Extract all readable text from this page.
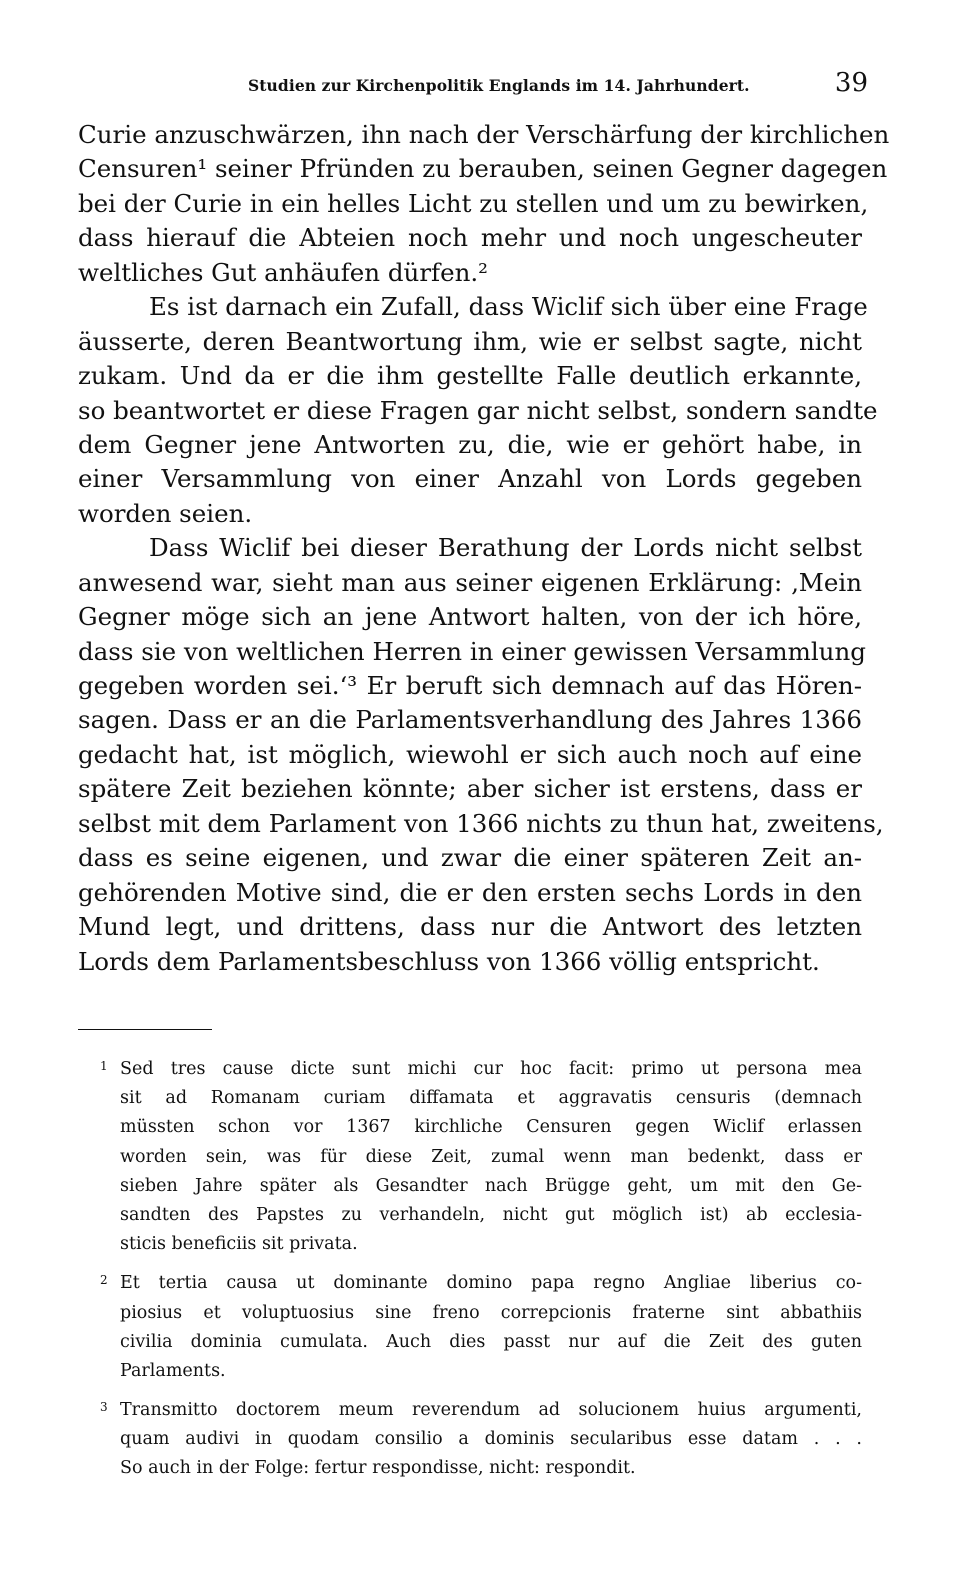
Studien zur Kirchenpolitik Englands im 14. Jahrhundert.	39
Curie anzuschwärzen, ihn nach der Verschärfung der kirchlichen
Censuren¹ seiner Pfründen zu berauben, seinen Gegner dagegen
bei der Curie in ein helles Licht zu stellen und um zu bewirken,
dass hierauf die Abteien noch mehr und noch ungescheuter
weltliches Gut anhäufen dürfen.²
Es ist darnach ein Zufall, dass Wiclif sich über eine Frage
äusserte, deren Beantwortung ihm, wie er selbst sagte, nicht
zukam. Und da er die ihm gestellte Falle deutlich erkannte,
so beantwortet er diese Fragen gar nicht selbst, sondern sandte
dem Gegner jene Antworten zu, die, wie er gehört habe, in
einer Versammlung von einer Anzahl von Lords gegeben
worden seien.
Dass Wiclif bei dieser Berathung der Lords nicht selbst
anwesend war, sieht man aus seiner eigenen Erklärung: ‚Mein
Gegner möge sich an jene Antwort halten, von der ich höre,
dass sie von weltlichen Herren in einer gewissen Versammlung
gegeben worden sei.‘³ Er beruft sich demnach auf das Hören-
sagen. Dass er an die Parlamentsverhandlung des Jahres 1366
gedacht hat, ist möglich, wiewohl er sich auch noch auf eine
spätere Zeit beziehen könnte; aber sicher ist erstens, dass er
selbst mit dem Parlament von 1366 nichts zu thun hat, zweitens,
dass es seine eigenen, und zwar die einer späteren Zeit an-
gehörenden Motive sind, die er den ersten sechs Lords in den
Mund legt, und drittens, dass nur die Antwort des letzten
Lords dem Parlamentsbeschluss von 1366 völlig entspricht.
1 Sed tres cause dicte sunt michi cur hoc facit: primo ut persona mea
sit ad Romanam curiam diffamata et aggravatis censuris (demnach
müssten schon vor 1367 kirchliche Censuren gegen Wiclif erlassen
worden sein, was für diese Zeit, zumal wenn man bedenkt, dass er
sieben Jahre später als Gesandter nach Brügge geht, um mit den Ge-
sandten des Papstes zu verhandeln, nicht gut möglich ist) ab ecclesia-
sticis beneficiis sit privata.
2 Et tertia causa ut dominante domino papa regno Angliae liberius co-
piosius et voluptuosius sine freno correpcionis fraterne sint abbathiis
civilia dominia cumulata. Auch dies passt nur auf die Zeit des guten
Parlaments.
3 Transmitto doctorem meum reverendum ad solucionem huius argumenti,
quam audivi in quodam consilio a dominis secularibus esse datam . . .
So auch in der Folge: fertur respondisse, nicht: respondit.
